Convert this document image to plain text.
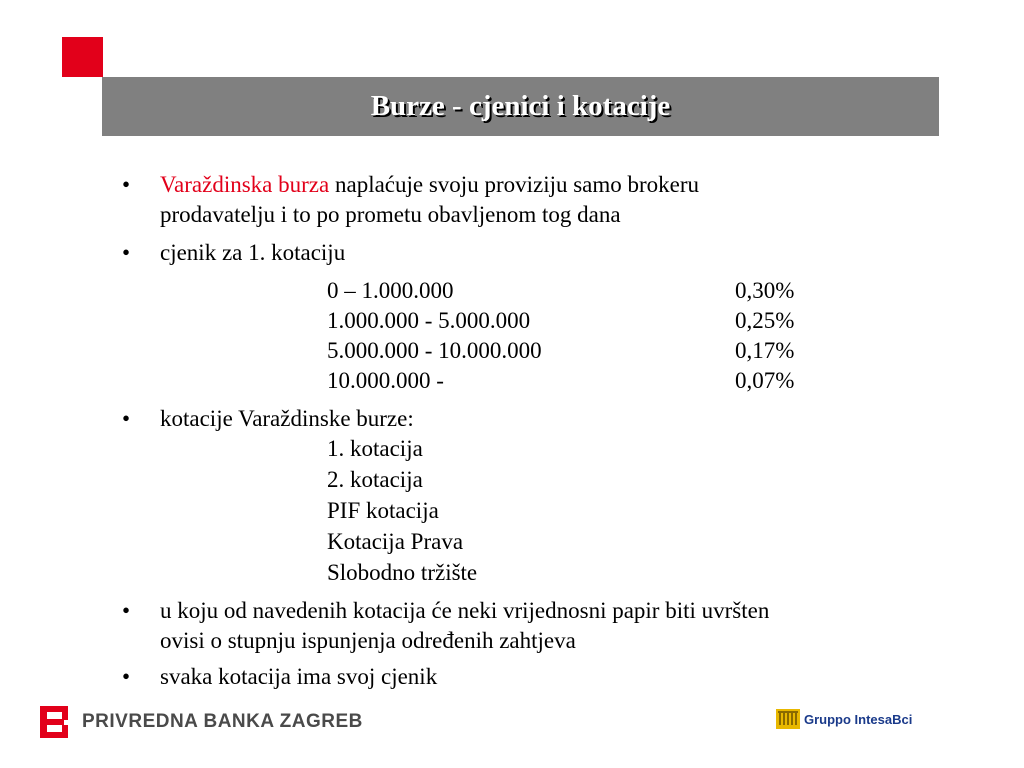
Burze - cjenici i kotacije
•	Varaždinska burza naplaćuje svoju proviziju samo brokeru
prodavatelju i to po prometu obavljenom tog dana
•	cjenik za 1. kotaciju
0 – 1.000.000	0,30%
1.000.000 - 5.000.000	0,25%
5.000.000 - 10.000.000	0,17%
10.000.000 -	0,07%
•	kotacije Varaždinske burze:
1. kotacija
2. kotacija
PIF kotacija
Kotacija Prava
Slobodno tržište
•	u koju od navedenih kotacija će neki vrijednosni papir biti uvršten
ovisi o stupnju ispunjenja određenih zahtjeva
•	svaka kotacija ima svoj cjenik
PRIVREDNA BANKA ZAGREB	Gruppo IntesaBci
